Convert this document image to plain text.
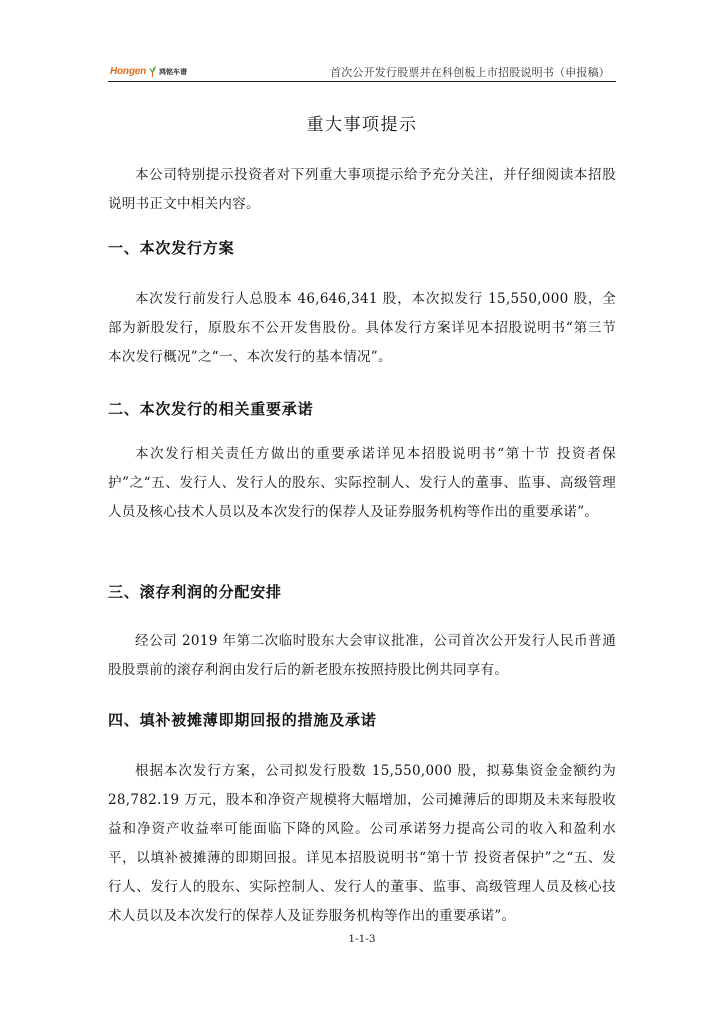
Hongen 鸿铭车谱	首次公开发行股票并在科创板上市招股说明书（申报稿）
重大事项提示

本公司特别提示投资者对下列重大事项提示给予充分关注，并仔细阅读本招股说明书正文中相关内容。

一、本次发行方案

本次发行前发行人总股本 46,646,341 股，本次拟发行 15,550,000 股，全部为新股发行，原股东不公开发售股份。具体发行方案详见本招股说明书“第三节 本次发行概况”之“一、本次发行的基本情况”。

二、本次发行的相关重要承诺

本次发行相关责任方做出的重要承诺详见本招股说明书“第十节 投资者保护”之“五、发行人、发行人的股东、实际控制人、发行人的董事、监事、高级管理人员及核心技术人员以及本次发行的保荐人及证券服务机构等作出的重要承诺”。

三、滚存利润的分配安排

经公司 2019 年第二次临时股东大会审议批准，公司首次公开发行人民币普通股股票前的滚存利润由发行后的新老股东按照持股比例共同享有。

四、填补被摊薄即期回报的措施及承诺

根据本次发行方案，公司拟发行股数 15,550,000 股，拟募集资金金额约为 28,782.19 万元，股本和净资产规模将大幅增加，公司摊薄后的即期及未来每股收益和净资产收益率可能面临下降的风险。公司承诺努力提高公司的收入和盈利水平，以填补被摊薄的即期回报。详见本招股说明书“第十节 投资者保护”之“五、发行人、发行人的股东、实际控制人、发行人的董事、监事、高级管理人员及核心技术人员以及本次发行的保荐人及证券服务机构等作出的重要承诺”。

1-1-3
